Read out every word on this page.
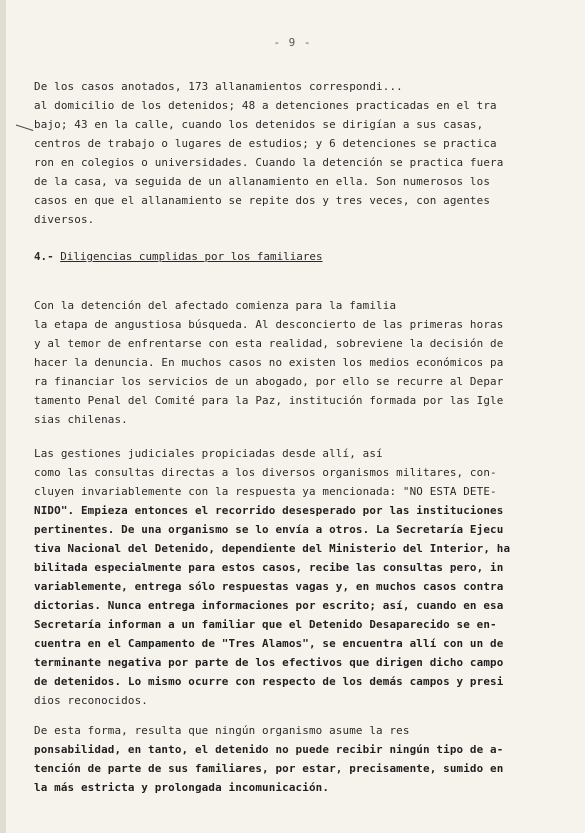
- 9 -

De los casos anotados, 173 allanamientos correspondi...
al domicilio de los detenidos; 48 a detenciones practicadas en el tra
bajo; 43 en la calle, cuando los detenidos se dirigían a sus casas,
centros de trabajo o lugares de estudios; y 6 detenciones se practica
ron en colegios o universidades. Cuando la detención se practica fuera
de la casa, va seguida de un allanamiento en ella. Son numerosos los
casos en que el allanamiento se repite dos y tres veces, con agentes
diversos.

4.- Diligencias cumplidas por los familiares

Con la detención del afectado comienza para la familia
la etapa de angustiosa búsqueda. Al desconcierto de las primeras horas
y al temor de enfrentarse con esta realidad, sobreviene la decisión de
hacer la denuncia. En muchos casos no existen los medios económicos pa
ra financiar los servicios de un abogado, por ello se recurre al Depar
tamento Penal del Comité para la Paz, institución formada por las Igle
sias chilenas.

Las gestiones judiciales propiciadas desde allí, así
como las consultas directas a los diversos organismos militares, con-
cluyen invariablemente con la respuesta ya mencionada: "NO ESTA DETE-
NIDO". Empieza entonces el recorrido desesperado por las instituciones
pertinentes. De una organismo se lo envía a otros. La Secretaría Ejecu
tiva Nacional del Detenido, dependiente del Ministerio del Interior, ha
bilitada especialmente para estos casos, recibe las consultas pero, in
variablemente, entrega sólo respuestas vagas y, en muchos casos contra
dictorias. Nunca entrega informaciones por escrito; así, cuando en esa
Secretaría informan a un familiar que el Detenido Desaparecido se en-
cuentra en el Campamento de "Tres Alamos", se encuentra allí con un de
terminante negativa por parte de los efectivos que dirigen dicho campo
de detenidos. Lo mismo ocurre con respecto de los demás campos y presi
dios reconocidos.

De esta forma, resulta que ningún organismo asume la res
ponsabilidad, en tanto, el detenido no puede recibir ningún tipo de a-
tención de parte de sus familiares, por estar, precisamente, sumido en
la más estricta y prolongada incomunicación.
